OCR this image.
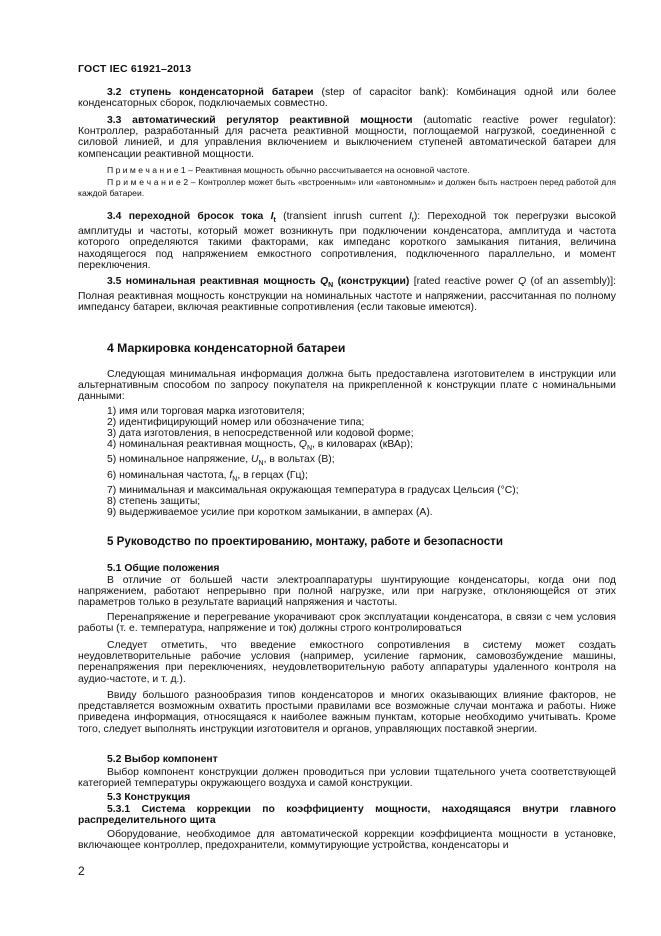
ГОСТ IEC 61921–2013
3.2 ступень конденсаторной батареи (step of capacitor bank): Комбинация одной или более конденсаторных сборок, подключаемых совместно.
3.3 автоматический регулятор реактивной мощности (automatic reactive power regulator): Контроллер, разработанный для расчета реактивной мощности, поглощаемой нагрузкой, соединенной с силовой линией, и для управления включением и выключением ступеней автоматической батареи для компенсации реактивной мощности.
П р и м е ч а н и е 1 – Реактивная мощность обычно рассчитывается на основной частоте.
П р и м е ч а н и е 2 – Контроллер может быть «встроенным» или «автономным» и должен быть настроен перед работой для каждой батареи.
3.4 переходной бросок тока $I_t$ (transient inrush current $I_t$): Переходной ток перегрузки высокой амплитуды и частоты, который может возникнуть при подключении конденсатора, амплитуда и частота которого определяются такими факторами, как импеданс короткого замыкания питания, величина находящегося под напряжением емкостного сопротивления, подключенного параллельно, и момент переключения.
3.5 номинальная реактивная мощность $Q_N$ (конструкции) [rated reactive power Q (of an assembly)]: Полная реактивная мощность конструкции на номинальных частоте и напряжении, рассчитанная по полному импедансу батареи, включая реактивные сопротивления (если таковые имеются).
4 Маркировка конденсаторной батареи
Следующая минимальная информация должна быть предоставлена изготовителем в инструкции или альтернативным способом по запросу покупателя на прикрепленной к конструкции плате с номинальными данными:
1) имя или торговая марка изготовителя;
2) идентифицирующий номер или обозначение типа;
3) дата изготовления, в непосредственной или кодовой форме;
4) номинальная реактивная мощность, $Q_N$, в киловарах (кВАр);
5) номинальное напряжение, $U_N$, в вольтах (В);
6) номинальная частота, $f_N$, в герцах (Гц);
7) минимальная и максимальная окружающая температура в градусах Цельсия (°С);
8) степень защиты;
9) выдерживаемое усилие при коротком замыкании, в амперах (А).
5 Руководство по проектированию, монтажу, работе и безопасности
5.1 Общие положения
В отличие от большей части электроаппаратуры шунтирующие конденсаторы, когда они под напряжением, работают непрерывно при полной нагрузке, или при нагрузке, отклоняющейся от этих параметров только в результате вариаций напряжения и частоты.
Перенапряжение и перегревание укорачивают срок эксплуатации конденсатора, в связи с чем условия работы (т. е. температура, напряжение и ток) должны строго контролироваться
Следует отметить, что введение емкостного сопротивления в систему может создать неудовлетворительные рабочие условия (например, усиление гармоник, самовозбуждение машины, перенапряжения при переключениях, неудовлетворительную работу аппаратуры удаленного контроля на аудио-частоте, и т. д.).
Ввиду большого разнообразия типов конденсаторов и многих оказывающих влияние факторов, не представляется возможным охватить простыми правилами все возможные случаи монтажа и работы. Ниже приведена информация, относящаяся к наиболее важным пунктам, которые необходимо учитывать. Кроме того, следует выполнять инструкции изготовителя и органов, управляющих поставкой энергии.
5.2 Выбор компонент
Выбор компонент конструкции должен проводиться при условии тщательного учета соответствующей категорией температуры окружающего воздуха и самой конструкции.
5.3 Конструкция
5.3.1 Система коррекции по коэффициенту мощности, находящаяся внутри главного распределительного щита
Оборудование, необходимое для автоматической коррекции коэффициента мощности в установке, включающее контроллер, предохранители, коммутирующие устройства, конденсаторы и
2
